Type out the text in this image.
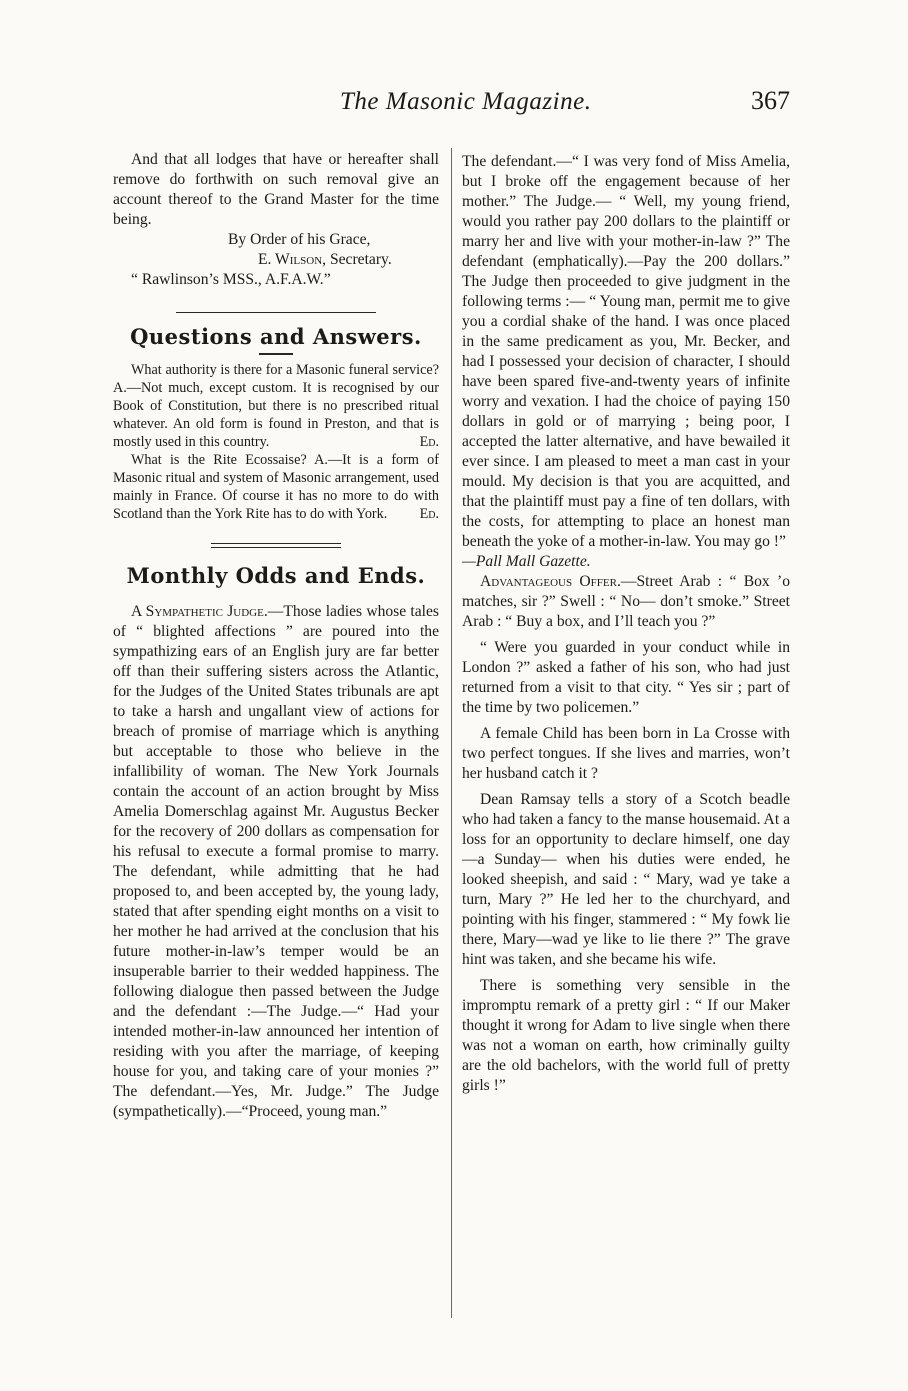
The Masonic Magazine.	367

And that all lodges that have or hereafter shall remove do forthwith on such removal give an account thereof to the Grand Master for the time being.

By Order of his Grace,

E. Wilson, Secretary.

“ Rawlinson’s MSS., A.F.A.W.”

Questions and Answers.

What authority is there for a Masonic funeral service? A.—Not much, except custom. It is recognised by our Book of Constitution, but there is no prescribed ritual whatever. An old form is found in Preston, and that is mostly used in this country.	Ed.

What is the Rite Ecossaise? A.—It is a form of Masonic ritual and system of Masonic arrangement, used mainly in France. Of course it has no more to do with Scotland than the York Rite has to do with York.	Ed.

Monthly Odds and Ends.

A Sympathetic Judge.—Those ladies whose tales of “ blighted affections ” are poured into the sympathizing ears of an English jury are far better off than their suffering sisters across the Atlantic, for the Judges of the United States tribunals are apt to take a harsh and ungallant view of actions for breach of promise of marriage which is anything but acceptable to those who believe in the infallibility of woman. The New York Journals contain the account of an action brought by Miss Amelia Domerschlag against Mr. Augustus Becker for the recovery of 200 dollars as compensation for his refusal to execute a formal promise to marry. The defendant, while admitting that he had proposed to, and been accepted by, the young lady, stated that after spending eight months on a visit to her mother he had arrived at the conclusion that his future mother-in-law’s temper would be an insuperable barrier to their wedded happiness. The following dialogue then passed between the Judge and the defendant :—The Judge.—“ Had your intended mother-in-law announced her intention of residing with you after the marriage, of keeping house for you, and taking care of your monies ?” The defendant.—Yes, Mr. Judge.” The Judge (sympathetically).—“Proceed, young man.”

The defendant.—“ I was very fond of Miss Amelia, but I broke off the engagement because of her mother.” The Judge.— “ Well, my young friend, would you rather pay 200 dollars to the plaintiff or marry her and live with your mother-in-law ?” The defendant (emphatically).—Pay the 200 dollars.” The Judge then proceeded to give judgment in the following terms :— “ Young man, permit me to give you a cordial shake of the hand. I was once placed in the same predicament as you, Mr. Becker, and had I possessed your decision of character, I should have been spared five-and-twenty years of infinite worry and vexation. I had the choice of paying 150 dollars in gold or of marrying ; being poor, I accepted the latter alternative, and have bewailed it ever since. I am pleased to meet a man cast in your mould. My decision is that you are acquitted, and that the plaintiff must pay a fine of ten dollars, with the costs, for attempting to place an honest man beneath the yoke of a mother-in-law. You may go !”

—Pall Mall Gazette.

Advantageous Offer.—Street Arab : “ Box ’o matches, sir ?” Swell : “ No— don’t smoke.” Street Arab : “ Buy a box, and I’ll teach you ?”

“ Were you guarded in your conduct while in London ?” asked a father of his son, who had just returned from a visit to that city. “ Yes sir ; part of the time by two policemen.”

A female Child has been born in La Crosse with two perfect tongues. If she lives and marries, won’t her husband catch it ?

Dean Ramsay tells a story of a Scotch beadle who had taken a fancy to the manse housemaid. At a loss for an opportunity to declare himself, one day—a Sunday— when his duties were ended, he looked sheepish, and said : “ Mary, wad ye take a turn, Mary ?” He led her to the churchyard, and pointing with his finger, stammered : “ My fowk lie there, Mary—wad ye like to lie there ?” The grave hint was taken, and she became his wife.

There is something very sensible in the impromptu remark of a pretty girl : “ If our Maker thought it wrong for Adam to live single when there was not a woman on earth, how criminally guilty are the old bachelors, with the world full of pretty girls !”
